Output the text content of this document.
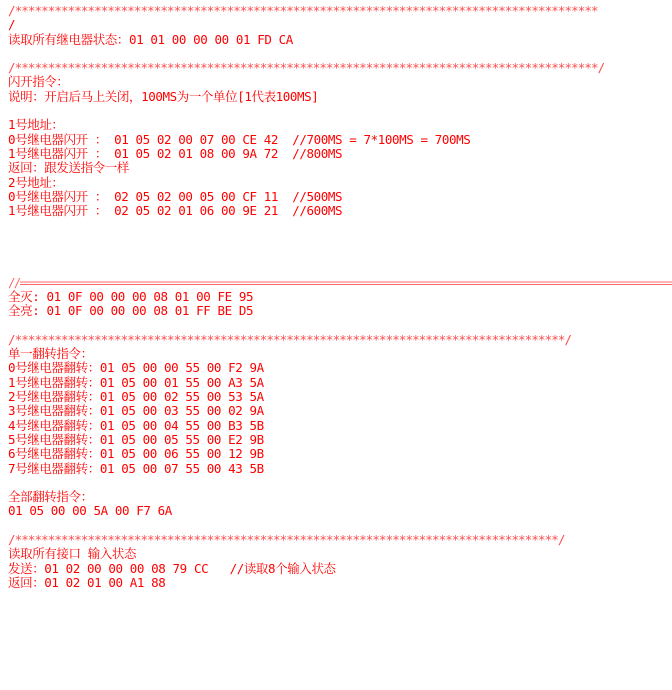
/****************************************************************************************
/
读取所有继电器状态：01 01 00 00 00 01 FD CA
/****************************************************************************************/
闪开指令：
说明：开启后马上关闭，100MS为一个单位[1代表100MS]
1号地址：
0号继电器闪开 ： 01 05 02 00 07 00 CE 42  //700MS = 7*100MS = 700MS
1号继电器闪开 ： 01 05 02 01 08 00 9A 72  //800MS
返回：跟发送指令一样
2号地址：
0号继电器闪开 ： 02 05 02 00 05 00 CF 11  //500MS
1号继电器闪开 ： 02 05 02 01 06 00 9E 21  //600MS
//==================================================================================================================
全灭: 01 0F 00 00 00 08 01 00 FE 95
全亮: 01 0F 00 00 00 08 01 FF BE D5
/***********************************************************************************/
单一翻转指令：
0号继电器翻转：01 05 00 00 55 00 F2 9A
1号继电器翻转：01 05 00 01 55 00 A3 5A
2号继电器翻转：01 05 00 02 55 00 53 5A
3号继电器翻转：01 05 00 03 55 00 02 9A
4号继电器翻转：01 05 00 04 55 00 B3 5B
5号继电器翻转：01 05 00 05 55 00 E2 9B
6号继电器翻转：01 05 00 06 55 00 12 9B
7号继电器翻转：01 05 00 07 55 00 43 5B
全部翻转指令：
01 05 00 00 5A 00 F7 6A
/**********************************************************************************/
读取所有接口 输入状态
发送：01 02 00 00 00 08 79 CC   //读取8个输入状态
返回：01 02 01 00 A1 88
